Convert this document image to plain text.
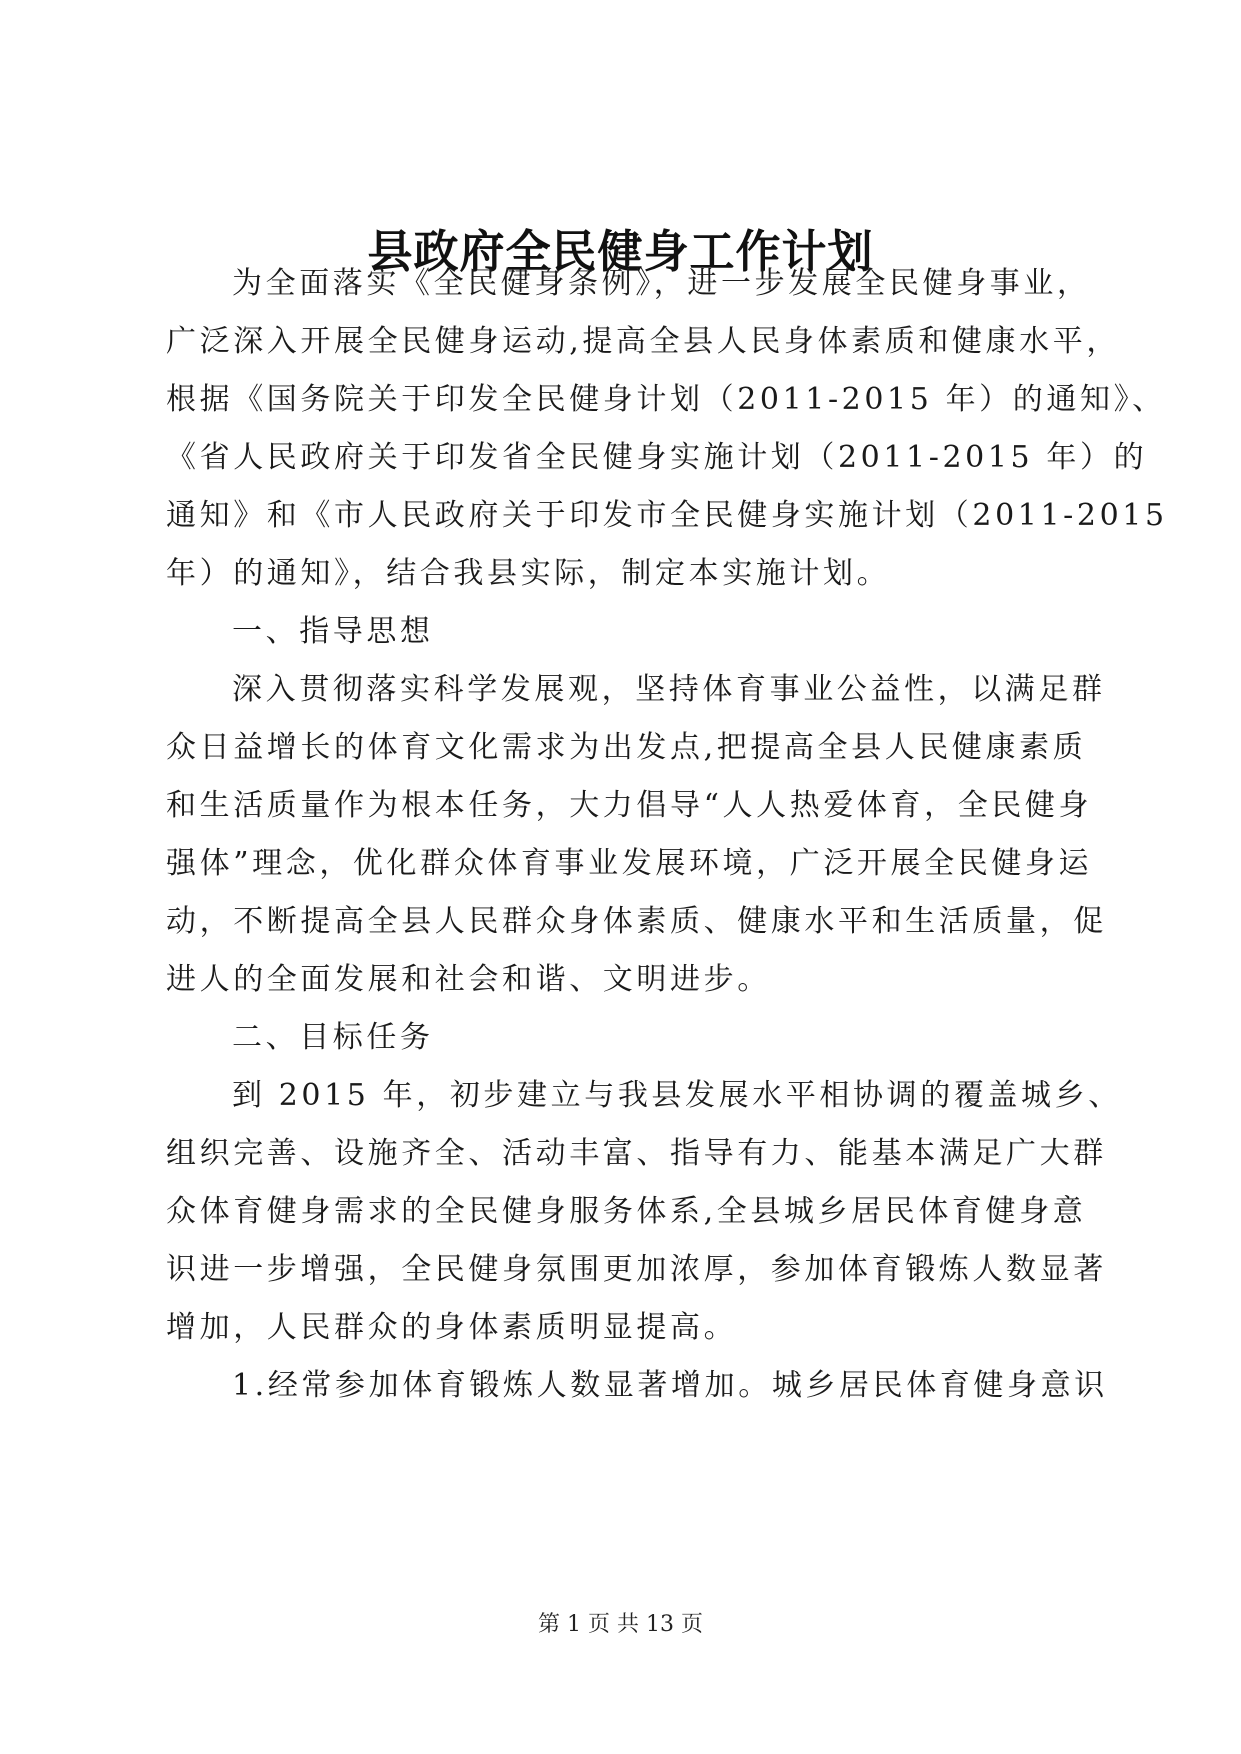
县政府全民健身工作计划
为全面落实《全民健身条例》，进一步发展全民健身事业，
广泛深入开展全民健身运动,提高全县人民身体素质和健康水平，
根据《国务院关于印发全民健身计划（2011-2015 年）的通知》、
《省人民政府关于印发省全民健身实施计划（2011-2015 年）的
通知》和《市人民政府关于印发市全民健身实施计划（2011-2015
年）的通知》，结合我县实际，制定本实施计划。
一、指导思想
深入贯彻落实科学发展观，坚持体育事业公益性，以满足群
众日益增长的体育文化需求为出发点,把提高全县人民健康素质
和生活质量作为根本任务，大力倡导“人人热爱体育，全民健身
强体”理念，优化群众体育事业发展环境，广泛开展全民健身运
动，不断提高全县人民群众身体素质、健康水平和生活质量，促
进人的全面发展和社会和谐、文明进步。
二、目标任务
到 2015 年，初步建立与我县发展水平相协调的覆盖城乡、
组织完善、设施齐全、活动丰富、指导有力、能基本满足广大群
众体育健身需求的全民健身服务体系,全县城乡居民体育健身意
识进一步增强，全民健身氛围更加浓厚，参加体育锻炼人数显著
增加，人民群众的身体素质明显提高。
1.经常参加体育锻炼人数显著增加。城乡居民体育健身意识
第 1 页 共 13 页
